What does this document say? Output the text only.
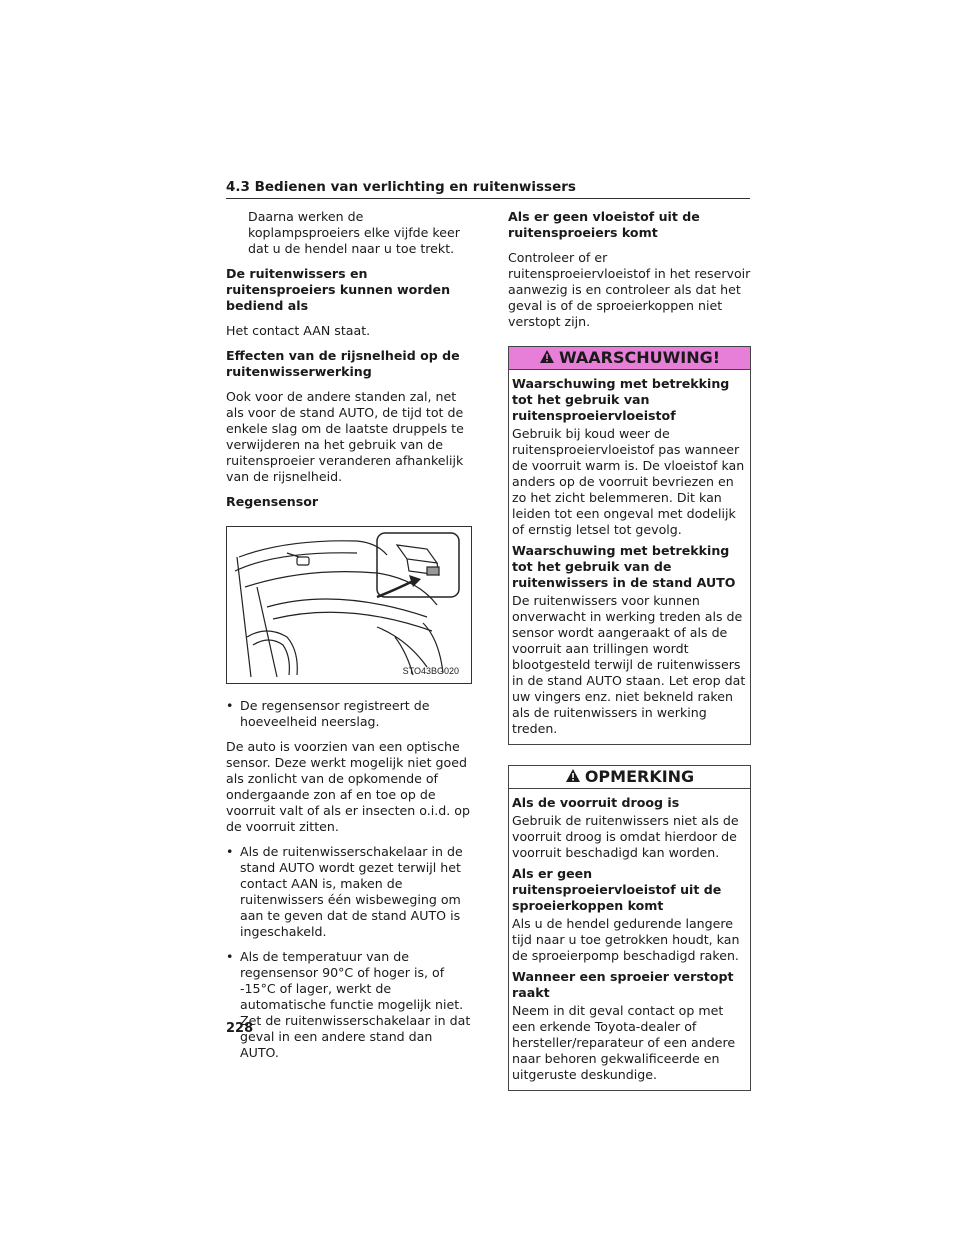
4.3 Bedienen van verlichting en ruitenwissers

Daarna werken de koplampsproeiers elke vijfde keer dat u de hendel naar u toe trekt.

De ruitenwissers en ruitensproeiers kunnen worden bediend als

Het contact AAN staat.

Effecten van de rijsnelheid op de ruitenwisserwerking

Ook voor de andere standen zal, net als voor de stand AUTO, de tijd tot de enkele slag om de laatste druppels te verwijderen na het gebruik van de ruitensproeier veranderen afhankelijk van de rijsnelheid.

Regensensor
STO43BG020
• De regensensor registreert de hoeveelheid neerslag.

De auto is voorzien van een optische sensor. Deze werkt mogelijk niet goed als zonlicht van de opkomende of ondergaande zon af en toe op de voorruit valt of als er insecten o.i.d. op de voorruit zitten.

• Als de ruitenwisserschakelaar in de stand AUTO wordt gezet terwijl het contact AAN is, maken de ruitenwissers één wisbeweging om aan te geven dat de stand AUTO is ingeschakeld.
• Als de temperatuur van de regensensor 90°C of hoger is, of -15°C of lager, werkt de automatische functie mogelijk niet. Zet de ruitenwisserschakelaar in dat geval in een andere stand dan AUTO.
Als er geen vloeistof uit de ruitensproeiers komt

Controleer of er ruitensproeiervloeistof in het reservoir aanwezig is en controleer als dat het geval is of de sproeierkoppen niet verstopt zijn.

WAARSCHUWING!
Waarschuwing met betrekking tot het gebruik van ruitensproeiervloeistof

Gebruik bij koud weer de ruitensproeiervloeistof pas wanneer de voorruit warm is. De vloeistof kan anders op de voorruit bevriezen en zo het zicht belemmeren. Dit kan leiden tot een ongeval met dodelijk of ernstig letsel tot gevolg.

Waarschuwing met betrekking tot het gebruik van de ruitenwissers in de stand AUTO

De ruitenwissers voor kunnen onverwacht in werking treden als de sensor wordt aangeraakt of als de voorruit aan trillingen wordt blootgesteld terwijl de ruitenwissers in de stand AUTO staan. Let erop dat uw vingers enz. niet bekneld raken als de ruitenwissers in werking treden.

OPMERKING
Als de voorruit droog is

Gebruik de ruitenwissers niet als de voorruit droog is omdat hierdoor de voorruit beschadigd kan worden.

Als er geen ruitensproeiervloeistof uit de sproeierkoppen komt

Als u de hendel gedurende langere tijd naar u toe getrokken houdt, kan de sproeierpomp beschadigd raken.

Wanneer een sproeier verstopt raakt

Neem in dit geval contact op met een erkende Toyota-dealer of hersteller/reparateur of een andere naar behoren gekwalificeerde en uitgeruste deskundige.

228
